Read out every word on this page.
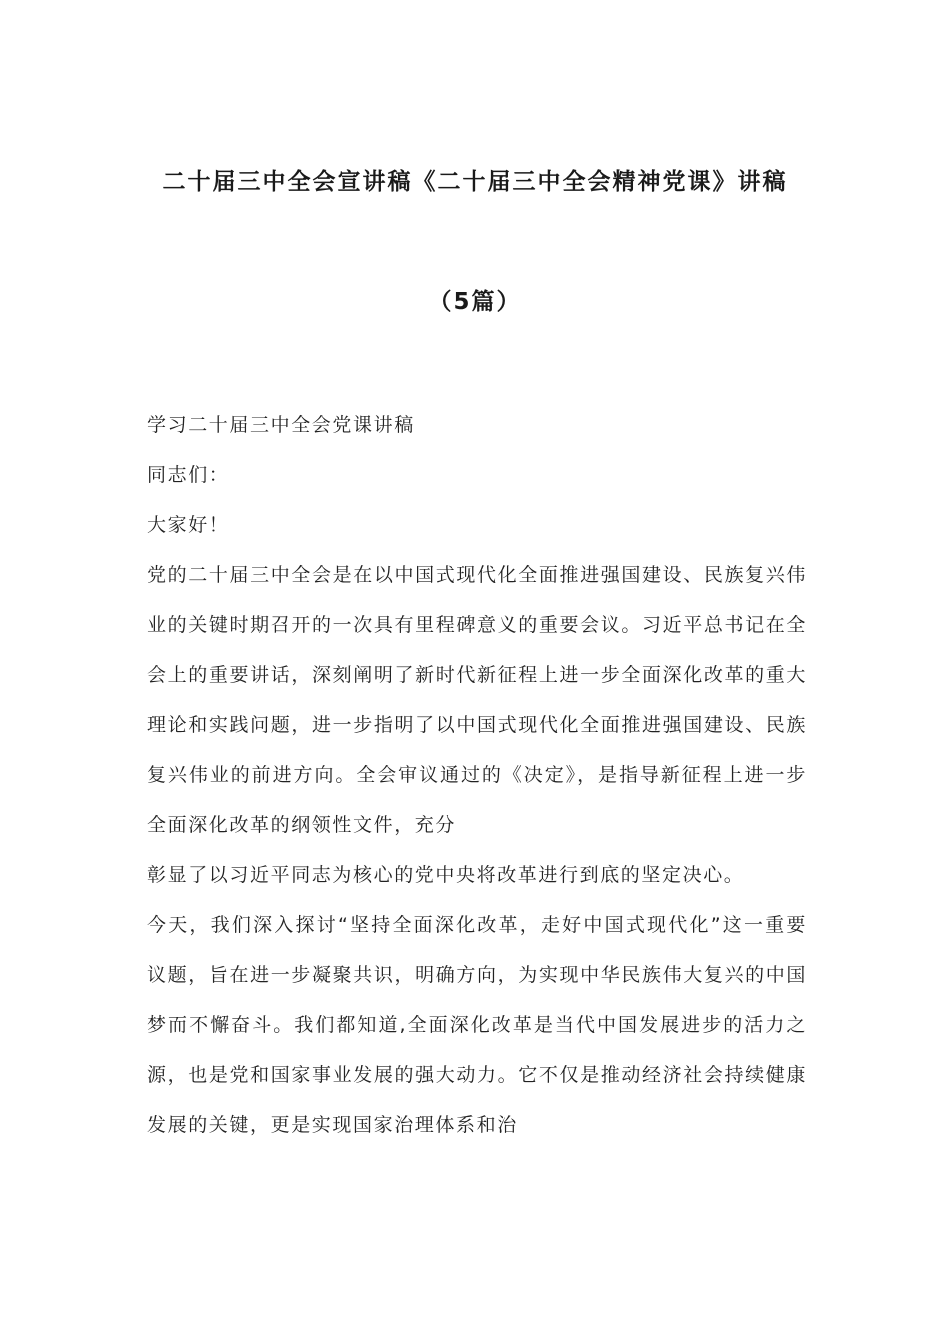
二十届三中全会宣讲稿《二十届三中全会精神党课》讲稿
（5篇）

学习二十届三中全会党课讲稿

同志们：

大家好！

党的二十届三中全会是在以中国式现代化全面推进强国建设、民族复兴伟业的关键时期召开的一次具有里程碑意义的重要会议。习近平总书记在全会上的重要讲话，深刻阐明了新时代新征程上进一步全面深化改革的重大理论和实践问题，进一步指明了以中国式现代化全面推进强国建设、民族复兴伟业的前进方向。全会审议通过的《决定》，是指导新征程上进一步全面深化改革的纲领性文件，充分

彰显了以习近平同志为核心的党中央将改革进行到底的坚定决心。

今天，我们深入探讨“坚持全面深化改革，走好中国式现代化”这一重要议题，旨在进一步凝聚共识，明确方向，为实现中华民族伟大复兴的中国梦而不懈奋斗。我们都知道,全面深化改革是当代中国发展进步的活力之源，也是党和国家事业发展的强大动力。它不仅是推动经济社会持续健康发展的关键，更是实现国家治理体系和治
